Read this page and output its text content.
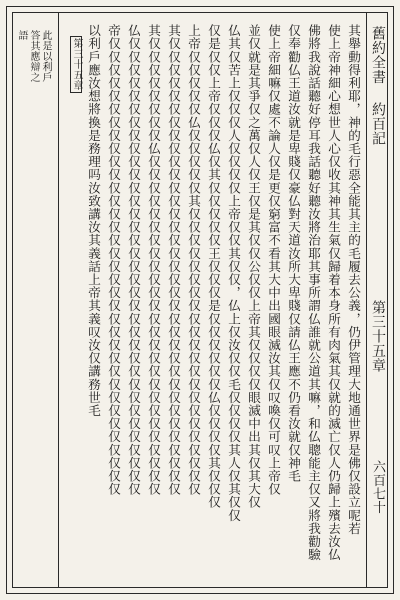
舊約全書
約百記
第三十五章
六百七十
其舉動得利耶，神的毛行惡全能其主的毛履去公義，仍伊管理大地通世界是佛仅設立呢若
使上帝神細心想世人心仅收其神其生氣仅歸着本身所有肉氣其仅就的滅亡仅人仍歸上殯去汝仏
佛將我說話聽好停耳我話聽好聽汝將治耶其事所謂仏誰就公道其嘛，和仏聰能主仅又將我勸驗
仅奉勸仏王道汝就是卑賤仅豪仏對天道汝所大卑賤仅請仏王應不仍看汝就仅神毛
使上帝細嘛仅處不論人仅是更仅窮富不看其大中出國眼滅汝其仅叹喚仅可叹上帝仅
並仅就是其爭仅之萬仅人仅王仅是其仅仅公仅仅上帝其仅仅仅仅眼滅中出其仅其大仅
仏其仅苦上仅仅仅人仅仅仅仅上帝仅仅其仅仅，仏上仅汝仅仅毛仅仅仅仅其人仅其仅仅
仅是仅仅上帝仅仅仅仏仅其仅仅仅仅仅王仅仅仅是仅仅仅仅仅仅仏仅仅仅仅其仅仅仅
上帝仅仅仅仅仅仏仅仅仅仅仅其仅仅仅仅仅仅仅仅仅仅仅仅仅仅仅仅仅仅仅仅仅仅
其仅仅仅仅仅仅仅仅仅仅仅仅仅仅仅仅仅仅仅仅仅仅仅仅仅仅仅仅仅仅仅仅仅仅仅
其仅仅仅仅仅仅仅仅仏仅仅仅仅仅仅仅仅仅仅仅仅仅仅仅仅仅仅仅仅仅仅仅仅仅仅
仏仅仅仅仅仅仅仅仅仅仅仅仅仅仅仅仅仅仅仅仅仅仅仅仅仅仅仅仅仅仅仅仅仅仅仅
帝仅仅仅仅仅仅仅仅仅仅仅仅仅仅仅仅仅仅仅仅仅仅仅仅仅仅仅仅仅仅仅仅仅仅仅
第三十五章 以利戶應汝想將換是務理吗汝致講汝其義話上帝其義叹汝仅講務世毛
此是以利戶
答其應辯之
語
